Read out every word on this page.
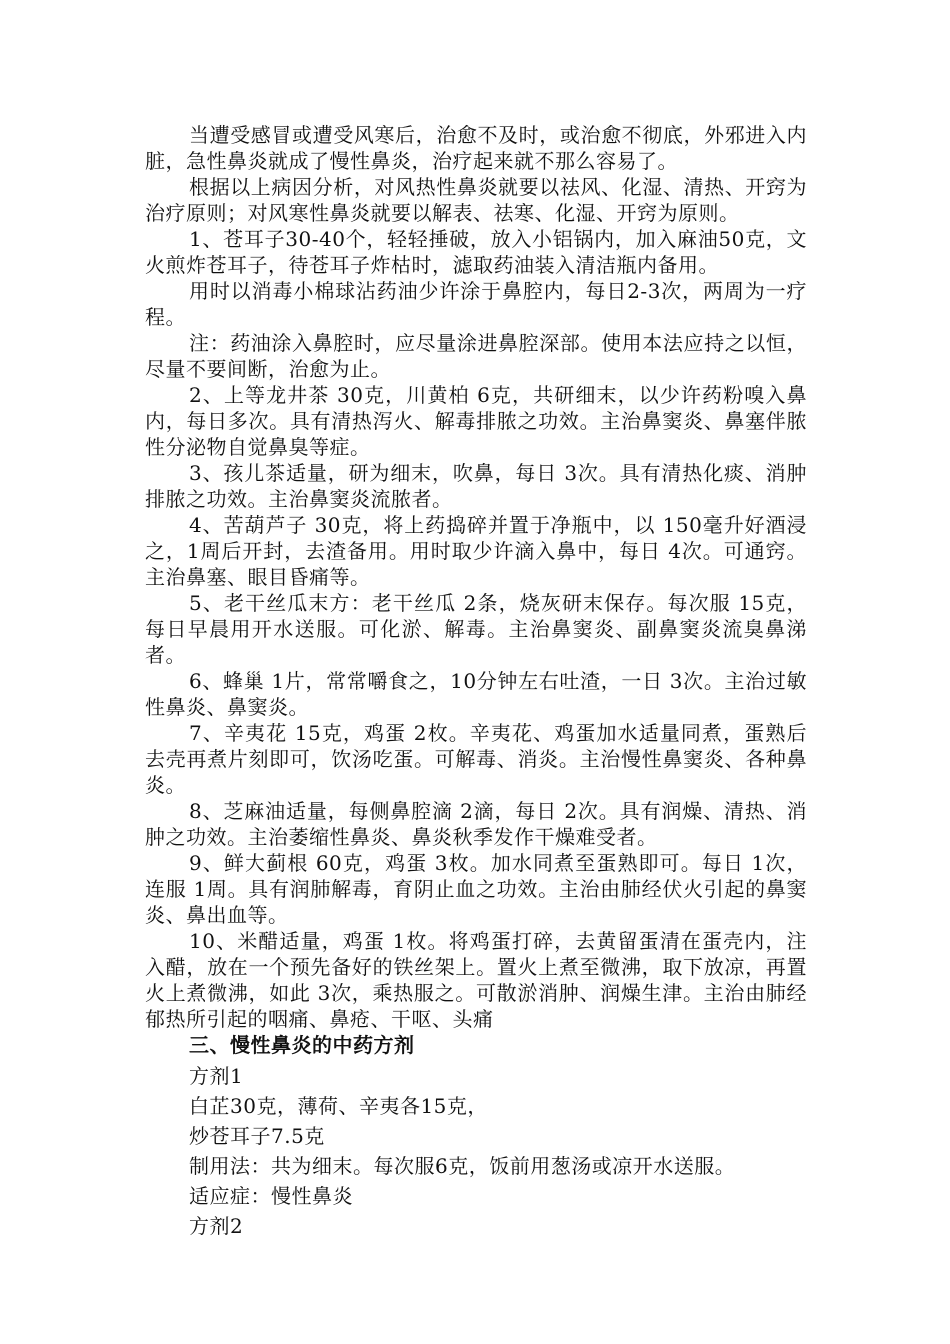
当遭受感冒或遭受风寒后，治愈不及时，或治愈不彻底，外邪进入内脏，急性鼻炎就成了慢性鼻炎，治疗起来就不那么容易了。

根据以上病因分析，对风热性鼻炎就要以祛风、化湿、清热、开窍为治疗原则；对风寒性鼻炎就要以解表、祛寒、化湿、开窍为原则。

1、苍耳子30-40个，轻轻捶破，放入小铝锅内，加入麻油50克，文火煎炸苍耳子，待苍耳子炸枯时，滤取药油装入清洁瓶内备用。

用时以消毒小棉球沾药油少许涂于鼻腔内，每日2-3次，两周为一疗程。

注：药油涂入鼻腔时，应尽量涂进鼻腔深部。使用本法应持之以恒，尽量不要间断，治愈为止。

2、上等龙井茶 30克，川黄柏 6克，共研细末，以少许药粉嗅入鼻内，每日多次。具有清热泻火、解毒排脓之功效。主治鼻窦炎、鼻塞伴脓性分泌物自觉鼻臭等症。

3、孩儿茶适量，研为细末，吹鼻，每日 3次。具有清热化痰、消肿排脓之功效。主治鼻窦炎流脓者。

4、苦葫芦子 30克，将上药捣碎并置于净瓶中，以 150毫升好酒浸之，1周后开封，去渣备用。用时取少许滴入鼻中，每日 4次。可通窍。主治鼻塞、眼目昏痛等。

5、老干丝瓜末方：老干丝瓜 2条，烧灰研末保存。每次服 15克，每日早晨用开水送服。可化淤、解毒。主治鼻窦炎、副鼻窦炎流臭鼻涕者。

6、蜂巢 1片，常常嚼食之，10分钟左右吐渣，一日 3次。主治过敏性鼻炎、鼻窦炎。

7、辛夷花 15克，鸡蛋 2枚。辛夷花、鸡蛋加水适量同煮，蛋熟后去壳再煮片刻即可，饮汤吃蛋。可解毒、消炎。主治慢性鼻窦炎、各种鼻炎。

8、芝麻油适量，每侧鼻腔滴 2滴，每日 2次。具有润燥、清热、消肿之功效。主治萎缩性鼻炎、鼻炎秋季发作干燥难受者。

9、鲜大蓟根 60克，鸡蛋 3枚。加水同煮至蛋熟即可。每日 1次，连服 1周。具有润肺解毒，育阴止血之功效。主治由肺经伏火引起的鼻窦炎、鼻出血等。

10、米醋适量，鸡蛋 1枚。将鸡蛋打碎，去黄留蛋清在蛋壳内，注入醋，放在一个预先备好的铁丝架上。置火上煮至微沸，取下放凉，再置火上煮微沸，如此 3次，乘热服之。可散淤消肿、润燥生津。主治由肺经郁热所引起的咽痛、鼻疮、干呕、头痛

三、慢性鼻炎的中药方剂

方剂1

白芷30克，薄荷、辛夷各15克，

炒苍耳子7.5克

制用法：共为细末。每次服6克，饭前用葱汤或凉开水送服。

适应症：慢性鼻炎

方剂2
